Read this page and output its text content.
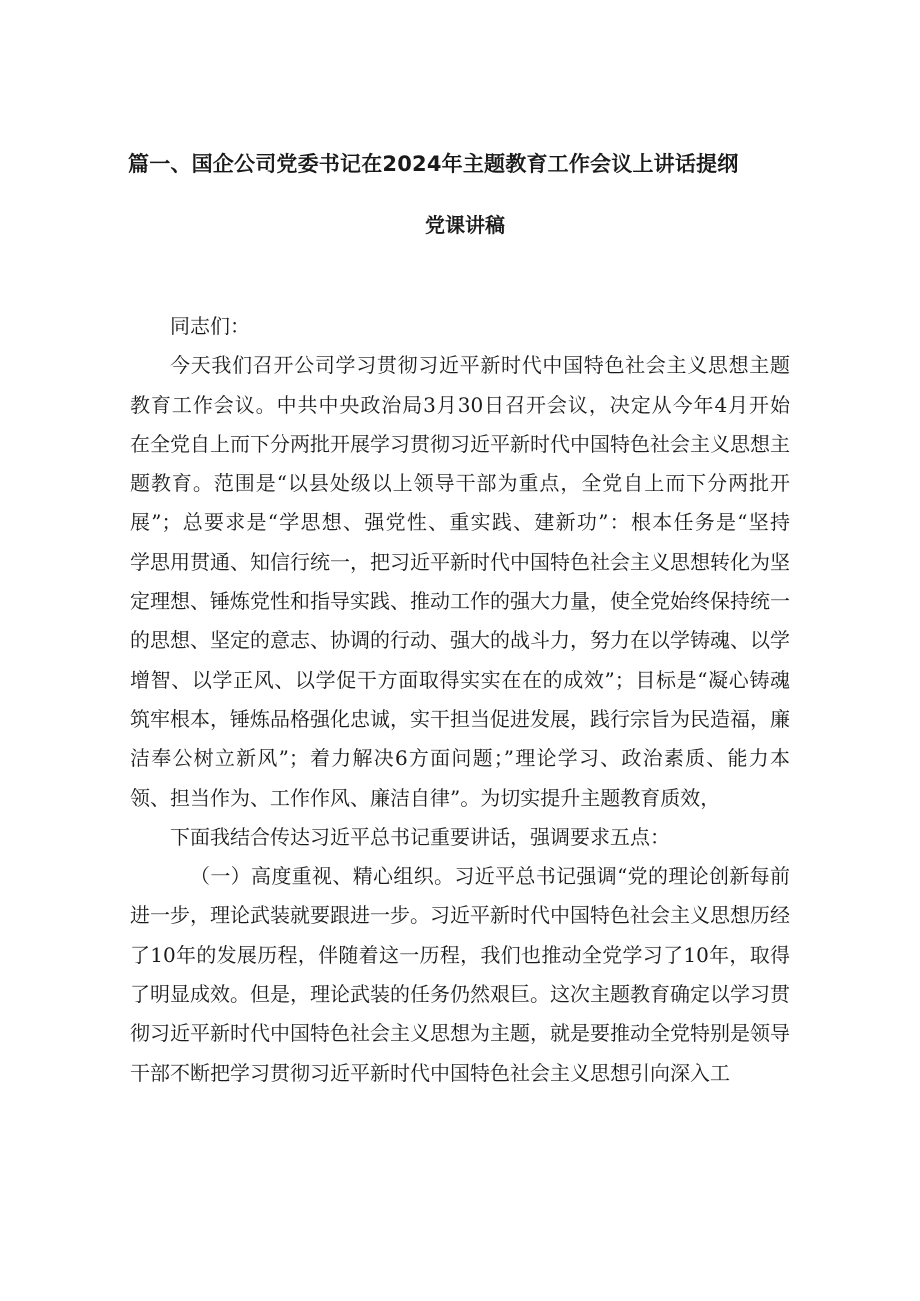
篇一、国企公司党委书记在2024年主题教育工作会议上讲话提纲
党课讲稿
同志们：
今天我们召开公司学习贯彻习近平新时代中国特色社会主义思想主题
教育工作会议。中共中央政治局3月30日召开会议，决定从今年4月开始
在全党自上而下分两批开展学习贯彻习近平新时代中国特色社会主义思想主
题教育。范围是“以县处级以上领导干部为重点，全党自上而下分两批开
展”；总要求是“学思想、强党性、重实践、建新功”：根本任务是“坚持
学思用贯通、知信行统一，把习近平新时代中国特色社会主义思想转化为坚
定理想、锤炼党性和指导实践、推动工作的强大力量，使全党始终保持统一
的思想、坚定的意志、协调的行动、强大的战斗力，努力在以学铸魂、以学
增智、以学正风、以学促干方面取得实实在在的成效”；目标是“凝心铸魂
筑牢根本，锤炼品格强化忠诚，实干担当促进发展，践行宗旨为民造福，廉
洁奉公树立新风”；着力解决6方面问题；”理论学习、政治素质、能力本
领、担当作为、工作作风、廉洁自律”。为切实提升主题教育质效，
下面我结合传达习近平总书记重要讲话，强调要求五点：
（一）高度重视、精心组织。习近平总书记强调“党的理论创新每前
进一步，理论武装就要跟进一步。习近平新时代中国特色社会主义思想历经
了10年的发展历程，伴随着这一历程，我们也推动全党学习了10年，取得
了明显成效。但是，理论武装的任务仍然艰巨。这次主题教育确定以学习贯
彻习近平新时代中国特色社会主义思想为主题，就是要推动全党特别是领导
干部不断把学习贯彻习近平新时代中国特色社会主义思想引向深入工
